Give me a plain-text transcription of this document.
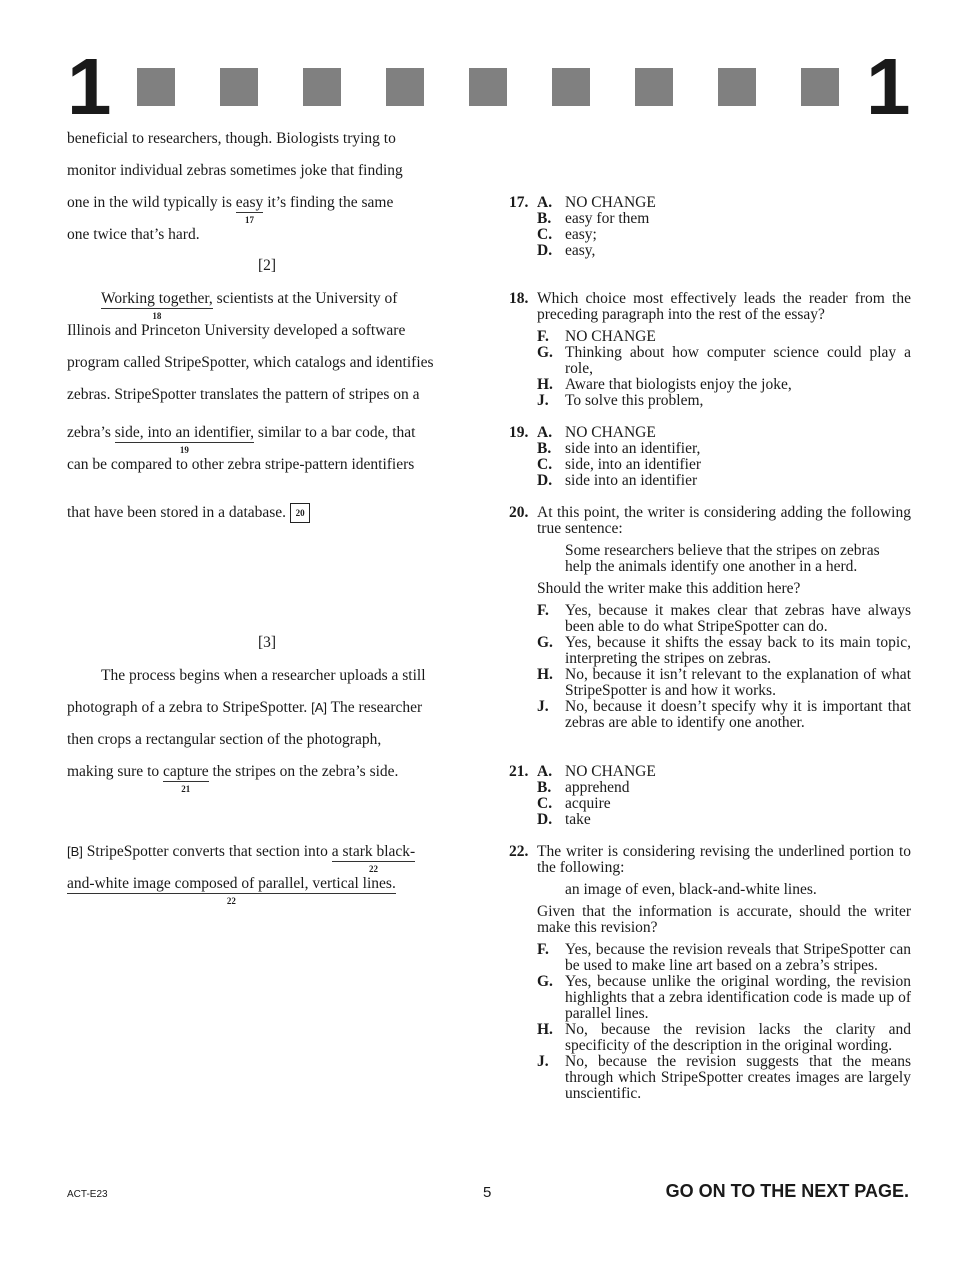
1	1
beneficial to researchers, though. Biologists trying to
monitor individual zebras sometimes joke that finding
one in the wild typically is easy
17
it’s finding the same
one twice that’s hard.
[2]
Working together,
18
scientists at the University of
Illinois and Princeton University developed a software
program called StripeSpotter, which catalogs and identifies
zebras. StripeSpotter translates the pattern of stripes on a
zebra’s side, into an identifier,
19
similar to a bar code, that
can be compared to other zebra stripe-pattern identifiers
that have been stored in a database. 20
[3]
The process begins when a researcher uploads a still
photograph of a zebra to StripeSpotter. [A] The researcher
then crops a rectangular section of the photograph,
making sure to capture
21
the stripes on the zebra’s side.
[B] StripeSpotter converts that section into a stark black-
22
and-white image composed of parallel, vertical lines.
22
17. A. NO CHANGE
B. easy for them
C. easy;
D. easy,
18. Which choice most effectively leads the reader from the preceding paragraph into the rest of the essay?
F. NO CHANGE
G. Thinking about how computer science could play a role,
H. Aware that biologists enjoy the joke,
J. To solve this problem,
19. A. NO CHANGE
B. side into an identifier,
C. side, into an identifier
D. side into an identifier
20. At this point, the writer is considering adding the following true sentence:
Some researchers believe that the stripes on zebras help the animals identify one another in a herd.
Should the writer make this addition here?
F. Yes, because it makes clear that zebras have always been able to do what StripeSpotter can do.
G. Yes, because it shifts the essay back to its main topic, interpreting the stripes on zebras.
H. No, because it isn’t relevant to the explanation of what StripeSpotter is and how it works.
J. No, because it doesn’t specify why it is important that zebras are able to identify one another.
21. A. NO CHANGE
B. apprehend
C. acquire
D. take
22. The writer is considering revising the underlined portion to the following:
an image of even, black-and-white lines.
Given that the information is accurate, should the writer make this revision?
F. Yes, because the revision reveals that StripeSpotter can be used to make line art based on a zebra’s stripes.
G. Yes, because unlike the original wording, the revision highlights that a zebra identification code is made up of parallel lines.
H. No, because the revision lacks the clarity and specificity of the description in the original wording.
J. No, because the revision suggests that the means through which StripeSpotter creates images are largely unscientific.
ACT-E23	5	GO ON TO THE NEXT PAGE.
